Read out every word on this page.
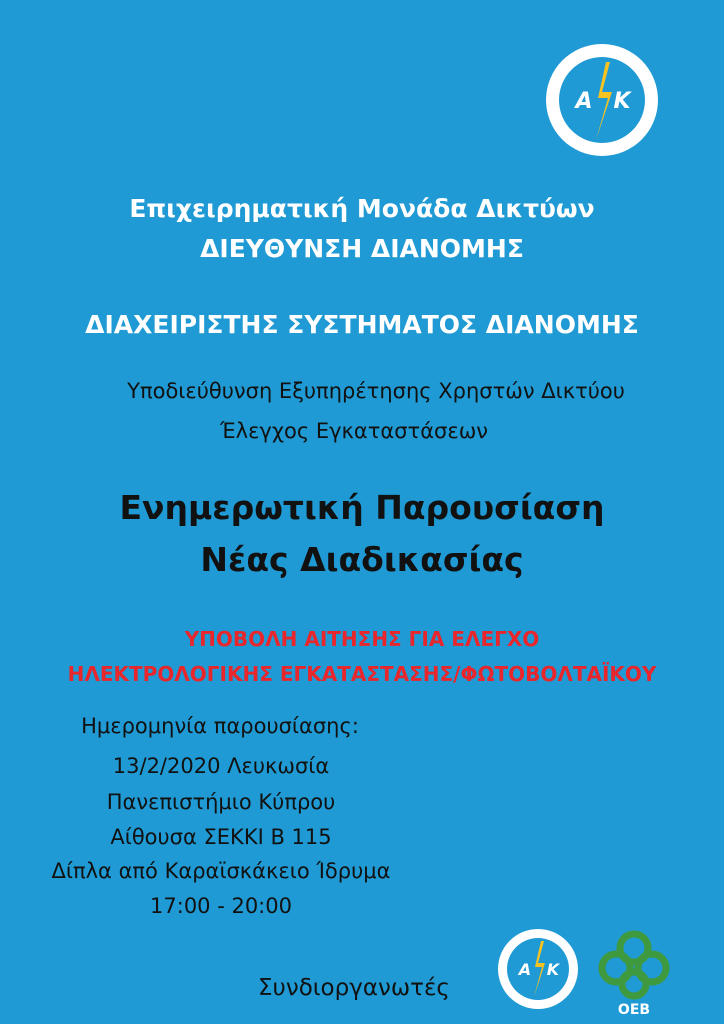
A K

Επιχειρηματική Μονάδα Δικτύων

ΔΙΕΥΘΥΝΣΗ ΔΙΑΝΟΜΗΣ

ΔΙΑΧΕΙΡΙΣΤΗΣ ΣΥΣΤΗΜΑΤΟΣ ΔΙΑΝΟΜΗΣ

Υποδιεύθυνση Εξυπηρέτησης Χρηστών Δικτύου

Έλεγχος Εγκαταστάσεων

Ενημερωτική Παρουσίαση

Νέας Διαδικασίας

ΥΠΟΒΟΛΗ ΑΙΤΗΣΗΣ ΓΙΑ ΕΛΕΓΧΟ

ΗΛΕΚΤΡΟΛΟΓΙΚΗΣ ΕΓΚΑΤΑΣΤΑΣΗΣ/ΦΩΤΟΒΟΛΤΑΪΚΟΥ

Ημερομηνία παρουσίασης:
13/2/2020 Λευκωσία
Πανεπιστήμιο Κύπρου
Αίθουσα ΣΕΚΚΙ Β 115
Δίπλα από Καραϊσκάκειο Ίδρυμα
17:00 - 20:00

Συνδιοργανωτές

A K
OEB
